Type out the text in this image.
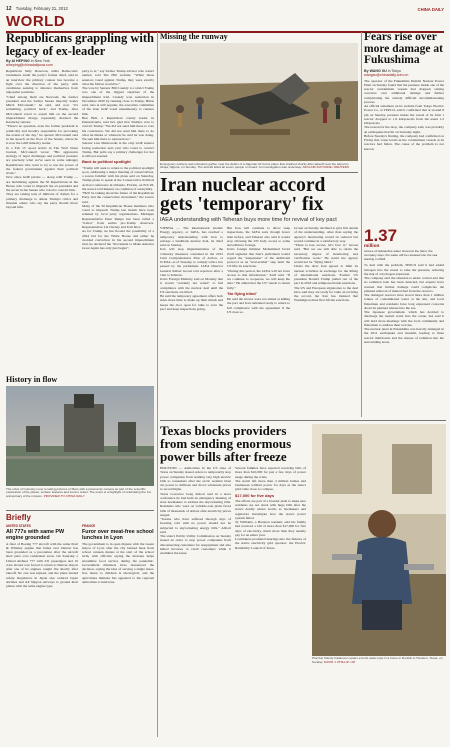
12 Tuesday, February 21, 2012	CHINA DAILY
WORLD
Republicans grappling with legacy of ex-leader
By AI HEPING in New York
aiheping@chinadailyusa.com

Republican Sally Donovan, while Democratic lawmakers assail the party's former chief, said in an interview the primary contest has become a fight over the direction of the party, with candidates seeking to distance themselves from unpopular positions.

"Chief among them are Newsom, the former president and the former Senate majority leader Mitch McConnell," he said, and now "it's something, political back," and Trump, after McConnell voted to acquit him on the second impeachment charge, repeatedly attacked the Kentucky senator.

"There's no question, even the former president is politically and morally responsible for provoking the events of the day," he quoted. McConnell said in his speech on the floor of the Senate, where he is now the GOP minority leader.

In a Feb 15 op-ed article in The Wall Street Journal, McConnell wrote: "His aggressive strategy of legal challenges and political pressure are precisely what we've seen in some unhappy Republicans who want to try to use the power of the federal government against their political rivals."

Now since GOP parties — along with Trump — are mobilizing against the 50 Republicans in the House who voted to impeach the ex-president and the seven in the Senate who voted to convict him.

They are raising tens of millions of dollars for a primary challenge to defeat Trump's critics and threaten others who say the party should move beyond him.

party is at," say former Trump advisor who wasn't named, told The Hill website. "When those senators voted against Trump, they were exactly what the fallout would be."

The vote by Senator Bill Cassidy to convict Trump was one of the biggest surprises of the impeachment trial. Cassidy won reelection in November 2020 by running close to Trump, Hulse said, who is still popular, the executive committee of the state GOP voted unanimously to censure him.

Ben Ball, a Republican county leader in Pennsylvania, said he's glad that Trump's vote to convict Trump: "We did not send him there to vote his conscience. We did not send him there to do what he thinks or whatever he said he was doing. We sent him there to represent us."

Senator Lisa Murkowski is the only GOP senator facing reelection next year who voted to convict Trump. But polls say a primary challenger for her is still not assured.

Back to political spotlight

"Trump will seek to return to the political spotlight soon, addressing a major meeting of conservatives, a source familiar with his plans said on Saturday. Trump plans to speak at the Conservative Political Action Conference in Orlando, Florida, on Feb 28, the source told Reuters on condition of anonymity.

"He'll be talking about the future of the Republican Party and the conservative movement," the source said.

Many of the 50 Republican House members who voted to impeach Trump last month have been rebuked by local party organizations. Michigan Representative Peter Meijer has been called a "traitor" from earlier pro-Trump observers. Representative Liz Cheney and Tom Rice.

As for Trump, he has floated the possibility of a 2024 bid for the White House and either he avoided conviction in his second impeachment trial, he declared the "movement to Make America Great Again has only just begun".

History in flow
The robot of Curiosity rover is taking pictures of Mars with a panoramic camera as part of the scientific exploration of the planet, surface features and Jezero crater. The event is a highlight of celebrating the 1st anniversary of the mission. PROVIDED TO CHINA DAILY
Briefly
UNITED STATES
All 777s with same PW engine grounded
A fleet of Boeing 777 aircraft with the same Pratt & Whitney engine that failed over Denver has been grounded as a precaution after the aircraft shed parts over residential areas. On Saturday a United Airlines 777 with 231 passengers and 10 crew aboard was forced to return to Denver airport after one of its engines caught fire shortly after takeoff. No one was injured, and the plane landed safely. Regulators in Japan also ordered Japan Airlines and All Nippon Airways to ground their planes with the same engine type.
FRANCE
Furor over meat-free school lunches in Lyon
The government is in open dispute with the Green mayor of Lyon after the city banned meat from school canteen menus at the start of the school term, with officials saying the measure helps streamline food service during the pandemic. Government ministers have denounced the decision, saying the idea of serving a single meat-free menu to children is ideological, and the agriculture minister has appealed to the regional authorities to intervene.
Missing the runway
Emergency workers and onlookers gather near the debris of a Nigerian Air Force plane that crashed shortly after takeoff near the airport in Abuja, Nigeria, on Sunday. The aircraft killed all seven people on board. An investigation was underway. AFOLABI SOTUNDE / REUTERS
Iran nuclear accord gets 'temporary' fix
IAEA understanding with Teheran buys more time for revival of key pact

VIENNA — The International Atomic Energy Agency, or IAEA, has reached a temporary understanding with Iran to salvage a landmark nuclear deal, its chief said on Sunday.

Iran will stop implementation of the voluntary measures contained in the 2015 Joint Comprehensive Plan of Action, or JCPOA, as of Tuesday, to comply with a law passed by the parliament, IAEA Director General Rafael Grossi told reporters after a visit to Teheran.

Iran's Foreign Ministry said on Monday that it would "certainly not return" to full compliance with the nuclear deal until the US sanctions are lifted.

He said the temporary agreement offers both sides more time to make up their minds and keeps the door open for talks to save the pact and keep inspections going.

But Iran will continue to allow snap inspections, the IAEA said, though fewer than before, and Teheran also said it would stop allowing the UN body access to some surveillance footage.

Iran's foreign minister Mohammad Javad Zarif signaled that Iran's parliament would regard the "suspension" of the additional protocol as an "irreversible" step until the US lifts its sanctions.

"During this period, the IAEA will not have access to this information," Zarif said. "If we continue to cooperate, we will keep the data." He added that the US "needs to return fully."

'No flying blind'

He said the moves were not aimed at killing the pact and Iran remained ready to return to full compliance with the agreement if the US does so.

Grossi on Sunday declined to give full details of the understanding, other than saying the agency's monitoring would be reduced but would continue in a satisfactory way.

"There is less access, let's face it," Grossi said. "But we are still able to retain the necessary degree of monitoring and verification work." He noted the agency would not be "flying blind."

Under the deal, Iran agreed to limit its nuclear activities in exchange for the lifting of international sanctions. Former US president Donald Trump pulled out of the pact in 2018 and reimposed harsh sanctions.

The US and European signatories to the deal have said they are ready for talks on reviving the accord, but Iran has insisted that Washington must first lift the sanctions.

Texas blocks providers from sending enormous power bills after freeze

HOUSTON — Authorities in the US state of Texas on Sunday issued orders to temporarily stop power companies from sending very high electric bills to consumers after the arctic weather blast cut power to millions and drove wholesale prices to record highs.

Texas Governor Greg Abbott said in a news conference he had held an emergency meeting of state lawmakers to address the skyrocketing bills. Residents who were on variable-rate plans faced bills of thousands of dollars after electricity prices surged.

"Texans who have suffered through days of freezing cold with no power should not be subjected to skyrocketing energy bills," Abbott said.

The state's Public Utility Commission on Sunday issued an order to stop power companies from disconnecting customers for nonpayment and also halted invoices to retail customers while it examines the issue.

Several families have reported receiving bills of more than $10,000 for just a few days of power usage during the crisis.

The storm left more than 4 million homes and businesses without power for days as the state's grid came close to collapse.

$17,000 for five days

The efforts are part of a broader push to make sure residents are not stuck with huge bills after the state's deadly winter storm, as lawmakers and regulators investigate how the state's power system failed.

Ty Williams, a Houston resident, said his family had received a bill of more than $17,000 for five days of electricity, much more than they usually pay for an entire year.

Lawmakers promised hearings into the failures of the state's electricity grid operator, the Electric Reliability Council of Texas.

Plumber Randy Calamaro repairs a burst water pipe in a home in Dunbar in Houston, Texas, on Sunday. DAVID J. PHILLIP / AP
Fears rise over more damage at Fukushima
By WANG XU in Tokyo
wangxu@chinadaily.com.cn

The operator of the Fukushima Daiichi Nuclear Power Plant on Sunday found that the pressure inside one of the reactor containment vessels had dropped, raising concerns over additional damage and further complicating the already difficult decommissioning process.

An official statement on its website from Tokyo Electric Power Co, or TEPCO, said it confirmed that at around 8 pm on Sunday, pressure inside the vessel of its Unit 1 reactor dropped to 1.6 kilopascals from the usual 1.2 kilopascals.

The reason for the drop, the company said, was probably an earthquake that hit on Saturday night.

Before Sunday's finding, the company had confirmed on Friday that water levels in the containment vessels at its reactors had fallen. The cause of the problem is not known.

1.37
million
tonnes of radioactive water stored at the plant, the company says; the water will be released into the sea starting in 2023.

To deal with the problem, TEPCO said it had added nitrogen into the vessel to raise the pressure, reducing the risk of a hydrogen explosion.

The company said the situation is under control and that no radiation leak has been detected, but experts have warned that further damage could complicate the planned removal of melted fuel from the reactors.

The damaged reactors have stored more than 1 million tonnes of contaminated water at the site, and local fishermen and residents have long expressed concerns about its planned release into the sea.

The Japanese government, which has decided to discharge the treated water into the ocean, has said it will hold more meetings with the local community and fishermen to address their worries.

The nuclear plant in Fukushima was heavily damaged in the 2011 earthquake and tsunami, leading to three reactor meltdowns and the release of radiation into the surrounding areas.
